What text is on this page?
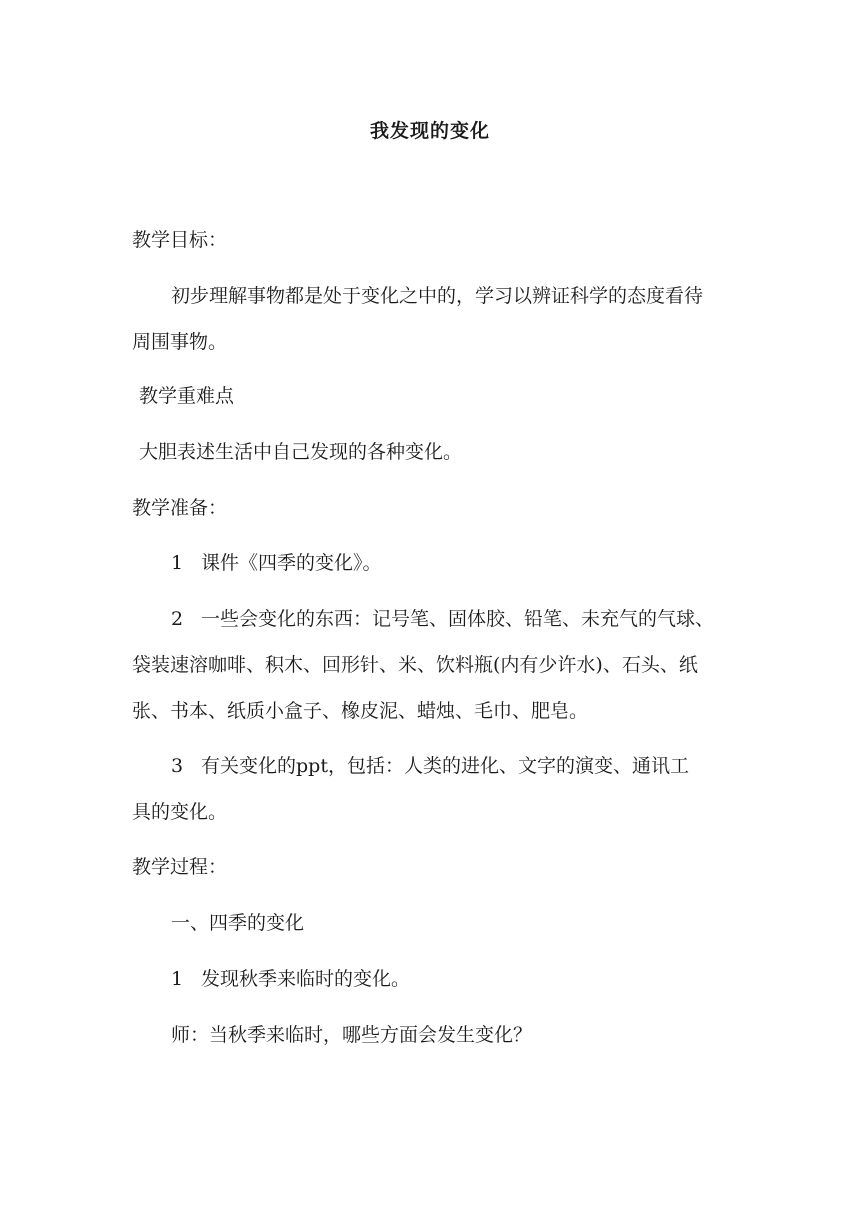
我发现的变化
教学目标：
初步理解事物都是处于变化之中的，学习以辨证科学的态度看待
周围事物。
教学重难点
大胆表述生活中自己发现的各种变化。
教学准备：
1 课件《四季的变化》。
2 一些会变化的东西：记号笔、固体胶、铅笔、未充气的气球、
袋装速溶咖啡、积木、回形针、米、饮料瓶(内有少许水)、石头、纸
张、书本、纸质小盒子、橡皮泥、蜡烛、毛巾、肥皂。
3 有关变化的ppt，包括：人类的进化、文字的演变、通讯工
具的变化。
教学过程：
一、四季的变化
1 发现秋季来临时的变化。
师：当秋季来临时，哪些方面会发生变化？
